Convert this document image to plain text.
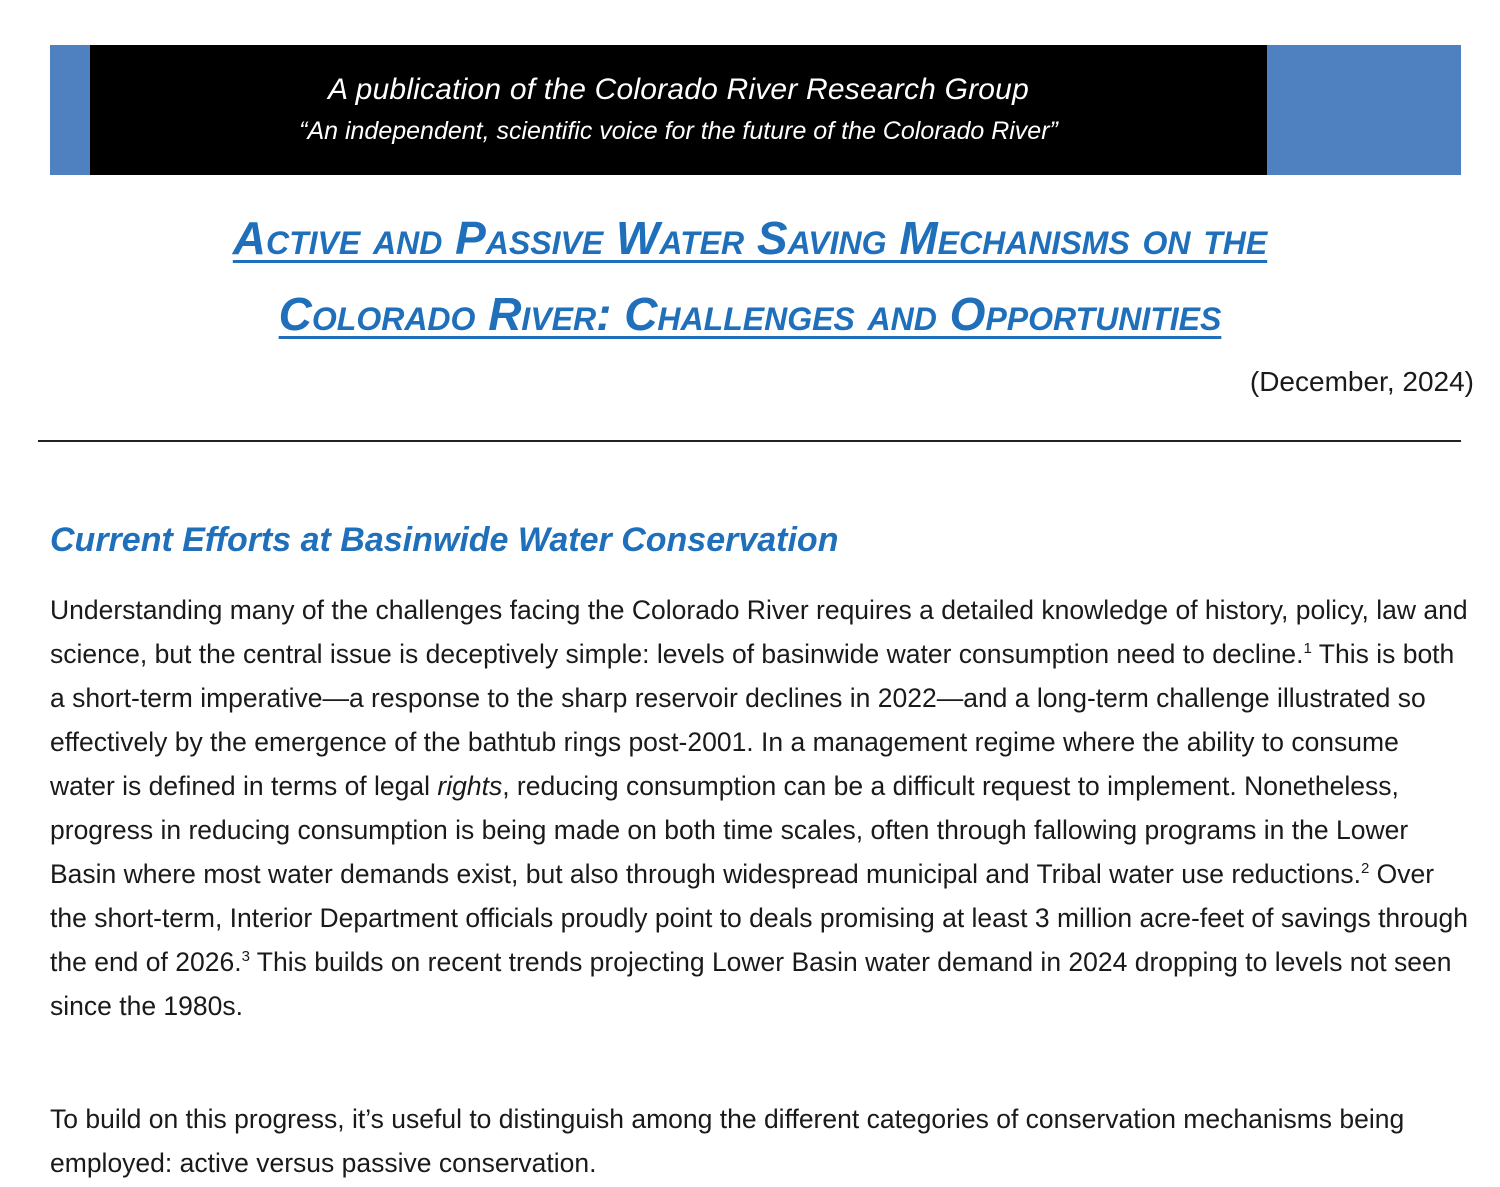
A publication of the Colorado River Research Group
“An independent, scientific voice for the future of the Colorado River”
Active and Passive Water Saving Mechanisms on the
Colorado River: Challenges and Opportunities
(December, 2024)
Current Efforts at Basinwide Water Conservation

Understanding many of the challenges facing the Colorado River requires a detailed knowledge of history, policy, law and science, but the central issue is deceptively simple: levels of basinwide water consumption need to decline.$^1$ This is both a short-term imperative—a response to the sharp reservoir declines in 2022—and a long-term challenge illustrated so effectively by the emergence of the bathtub rings post-2001. In a management regime where the ability to consume water is defined in terms of legal rights, reducing consumption can be a difficult request to implement. Nonetheless, progress in reducing consumption is being made on both time scales, often through fallowing programs in the Lower Basin where most water demands exist, but also through widespread municipal and Tribal water use reductions.$^2$ Over the short-term, Interior Department officials proudly point to deals promising at least 3 million acre-feet of savings through the end of 2026.$^3$ This builds on recent trends projecting Lower Basin water demand in 2024 dropping to levels not seen since the 1980s.

To build on this progress, it’s useful to distinguish among the different categories of conservation mechanisms being employed: active versus passive conservation.
